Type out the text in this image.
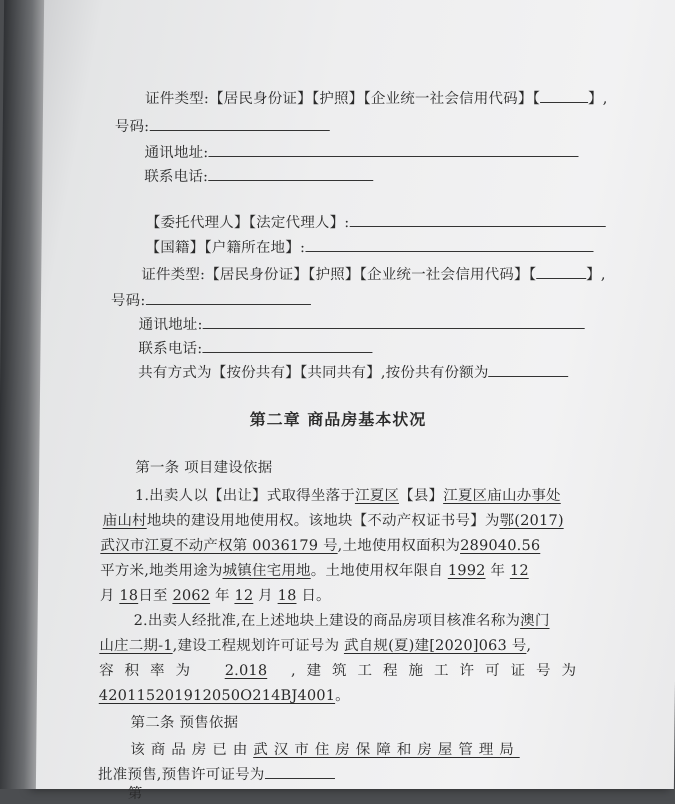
证件类型:【居民身份证】【护照】【企业统一社会信用代码】【	】,
号码:
通讯地址:
联系电话:
【委托代理人】【法定代理人】:
【国籍】【户籍所在地】:
证件类型:【居民身份证】【护照】【企业统一社会信用代码】【	】,
号码:
通讯地址:
联系电话:
共有方式为【按份共有】【共同共有】,按份共有份额为
第二章 商品房基本状况
第一条 项目建设依据
1.出卖人以【出让】式取得坐落于江夏区【县】江夏区庙山办事处
庙山村地块的建设用地使用权。该地块【不动产权证书号】为鄂(2017)
武汉市江夏不动产权第 0036179 号,土地使用权面积为289040.56
平方米,地类用途为城镇住宅用地。土地使用权年限自 1992 年 12
月 18日至 2062 年 12 月 18 日。
2.出卖人经批准,在上述地块上建设的商品房项目核准名称为澳门
山庄二期-1,建设工程规划许可证号为 武自规(夏)建[2020]063 号,
容积率为 2.018 ,建筑工程施工许可证号为
420115201912050O214BJ4001。
第二条 预售依据
该商品房已由武汉市住房保障和房屋管理局
批准预售,预售许可证号为
第
